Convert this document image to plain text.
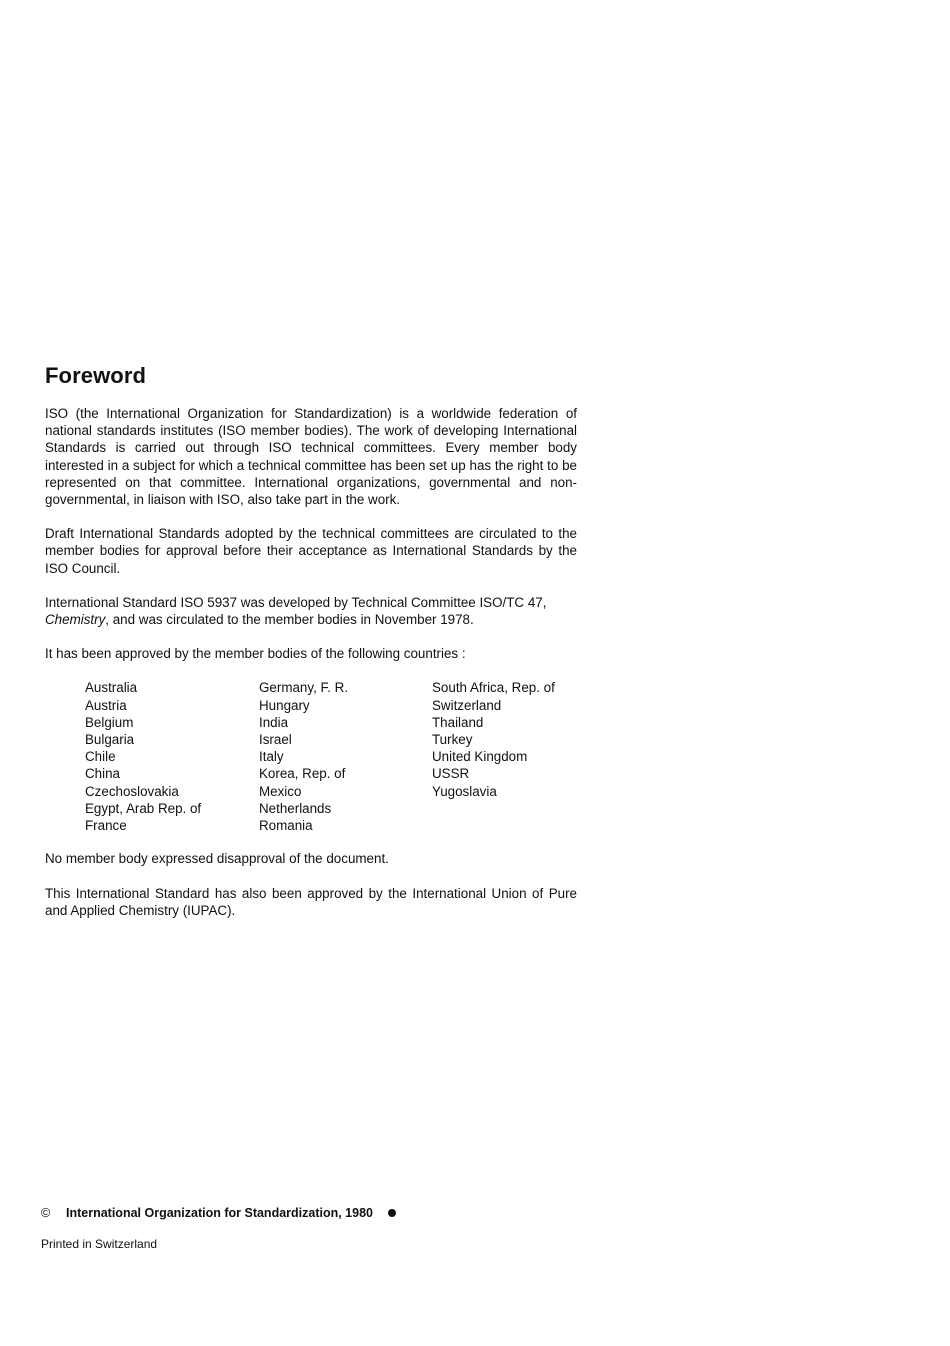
Foreword

ISO (the International Organization for Standardization) is a worldwide federation of national standards institutes (ISO member bodies). The work of developing International Standards is carried out through ISO technical committees. Every member body interested in a subject for which a technical committee has been set up has the right to be represented on that committee. International organizations, governmental and non-governmental, in liaison with ISO, also take part in the work.

Draft International Standards adopted by the technical committees are circulated to the member bodies for approval before their acceptance as International Standards by the ISO Council.

International Standard ISO 5937 was developed by Technical Committee ISO/TC 47,
Chemistry, and was circulated to the member bodies in November 1978.

It has been approved by the member bodies of the following countries :

Australia
Austria
Belgium
Bulgaria
Chile
China
Czechoslovakia
Egypt, Arab Rep. of
France
Germany, F. R.
Hungary
India
Israel
Italy
Korea, Rep. of
Mexico
Netherlands
Romania
South Africa, Rep. of
Switzerland
Thailand
Turkey
United Kingdom
USSR
Yugoslavia

No member body expressed disapproval of the document.

This International Standard has also been approved by the International Union of Pure and Applied Chemistry (IUPAC).

© International Organization for Standardization, 1980
Printed in Switzerland
